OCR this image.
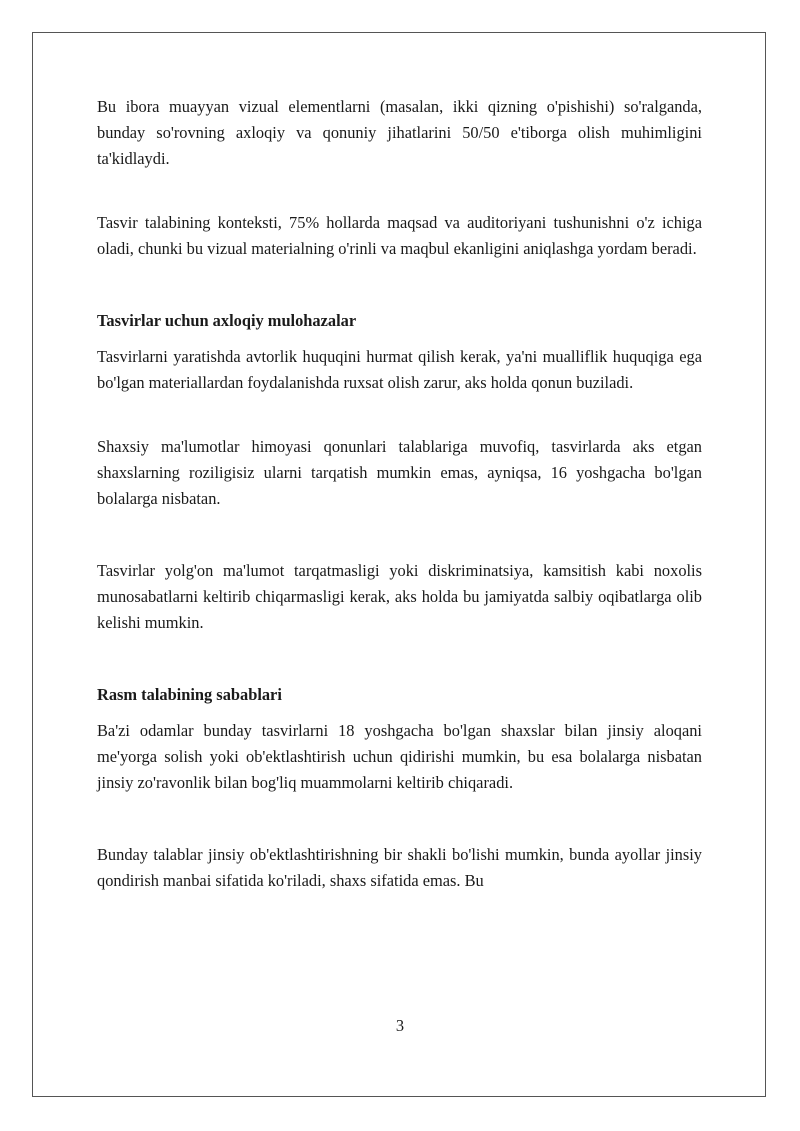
Bu ibora muayyan vizual elementlarni (masalan, ikki qizning o'pishishi) so'ralganda, bunday so'rovning axloqiy va qonuniy jihatlarini 50/50 e'tiborga olish muhimligini ta'kidlaydi.

Tasvir talabining konteksti, 75% hollarda maqsad va auditoriyani tushunishni o'z ichiga oladi, chunki bu vizual materialning o'rinli va maqbul ekanligini aniqlashga yordam beradi.

Tasvirlar uchun axloqiy mulohazalar

Tasvirlarni yaratishda avtorlik huquqini hurmat qilish kerak, ya'ni mualliflik huquqiga ega bo'lgan materiallardan foydalanishda ruxsat olish zarur, aks holda qonun buziladi.

Shaxsiy ma'lumotlar himoyasi qonunlari talablariga muvofiq, tasvirlarda aks etgan shaxslarning roziligisiz ularni tarqatish mumkin emas, ayniqsa, 16 yoshgacha bo'lgan bolalarga nisbatan.

Tasvirlar yolg'on ma'lumot tarqatmasligi yoki diskriminatsiya, kamsitish kabi noxolis munosabatlarni keltirib chiqarmasligi kerak, aks holda bu jamiyatda salbiy oqibatlarga olib kelishi mumkin.

Rasm talabining sabablari

Ba'zi odamlar bunday tasvirlarni 18 yoshgacha bo'lgan shaxslar bilan jinsiy aloqani me'yorga solish yoki ob'ektlashtirish uchun qidirishi mumkin, bu esa bolalarga nisbatan jinsiy zo'ravonlik bilan bog'liq muammolarni keltirib chiqaradi.

Bunday talablar jinsiy ob'ektlashtirishning bir shakli bo'lishi mumkin, bunda ayollar jinsiy qondirish manbai sifatida ko'riladi, shaxs sifatida emas. Bu

3
